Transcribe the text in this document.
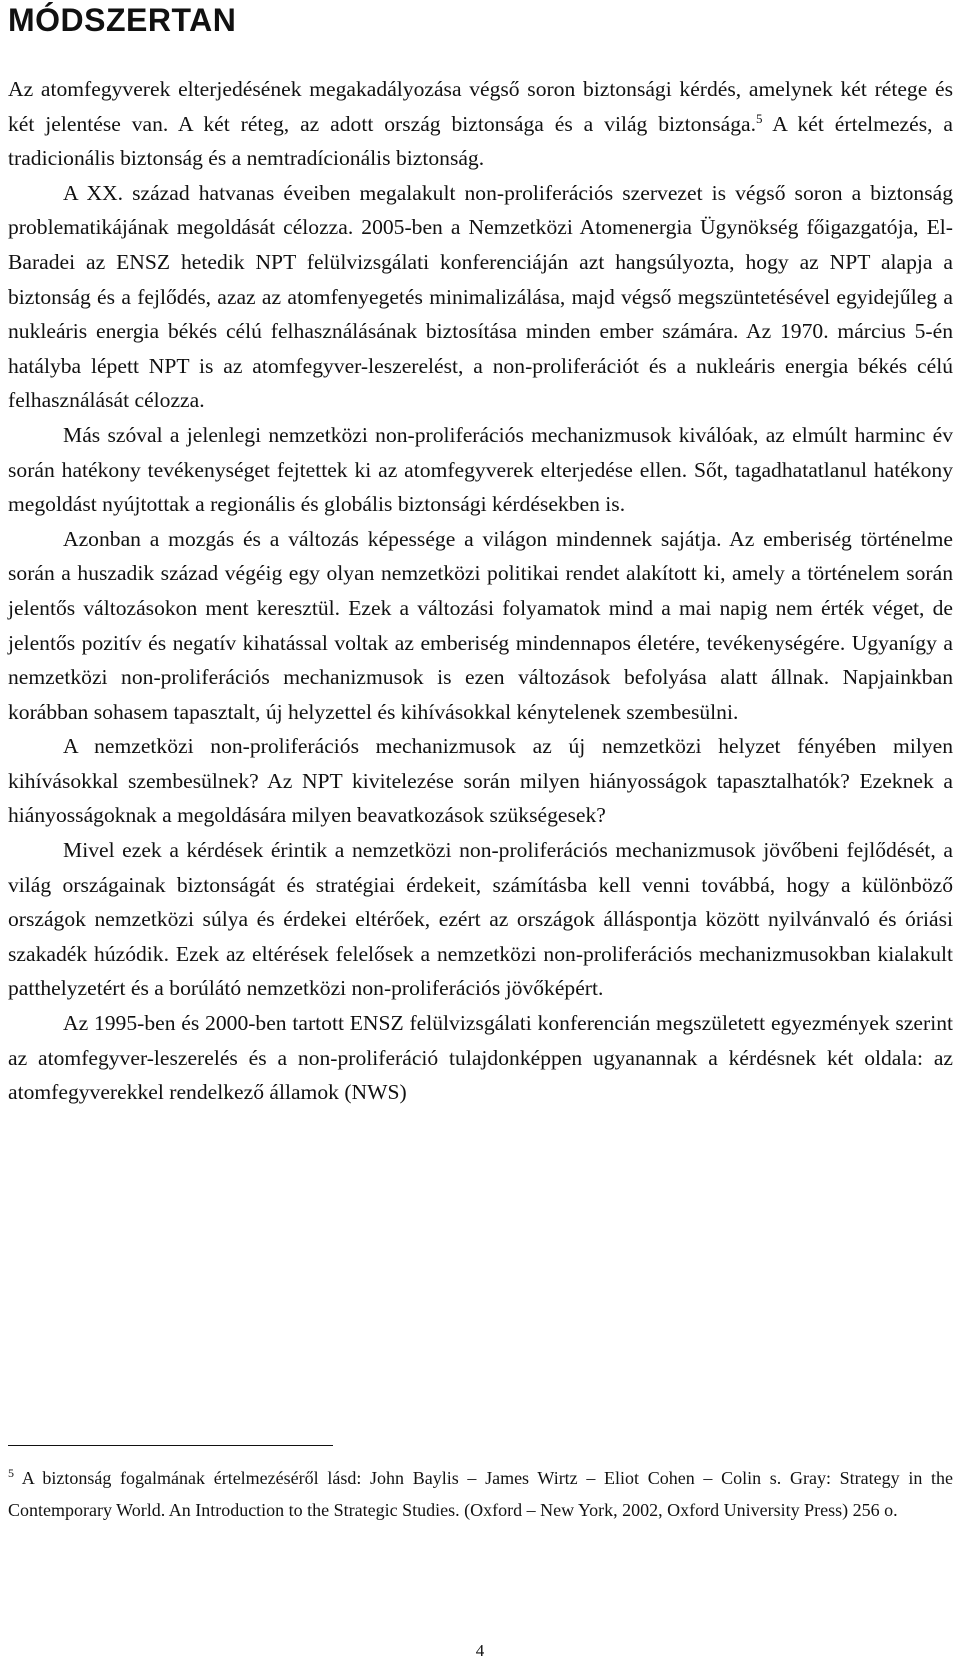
MÓDSZERTAN

Az atomfegyverek elterjedésének megakadályozása végső soron biztonsági kérdés, amelynek két rétege és két jelentése van. A két réteg, az adott ország biztonsága és a világ biztonsága.$^5$ A két értelmezés, a tradicionális biztonság és a nemtradícionális biztonság.

A XX. század hatvanas éveiben megalakult non-proliferációs szervezet is végső soron a biztonság problematikájának megoldását célozza. 2005-ben a Nemzetközi Atomenergia Ügynökség főigazgatója, El-Baradei az ENSZ hetedik NPT felülvizsgálati konferenciáján azt hangsúlyozta, hogy az NPT alapja a biztonság és a fejlődés, azaz az atomfenyegetés minimalizálása, majd végső megszüntetésével egyidejűleg a nukleáris energia békés célú felhasználásának biztosítása minden ember számára. Az 1970. március 5-én hatályba lépett NPT is az atomfegyver-leszerelést, a non-proliferációt és a nukleáris energia békés célú felhasználását célozza.

Más szóval a jelenlegi nemzetközi non-proliferációs mechanizmusok kiválóak, az elmúlt harminc év során hatékony tevékenységet fejtettek ki az atomfegyverek elterjedése ellen. Sőt, tagadhatatlanul hatékony megoldást nyújtottak a regionális és globális biztonsági kérdésekben is.

Azonban a mozgás és a változás képessége a világon mindennek sajátja. Az emberiség történelme során a huszadik század végéig egy olyan nemzetközi politikai rendet alakított ki, amely a történelem során jelentős változásokon ment keresztül. Ezek a változási folyamatok mind a mai napig nem érték véget, de jelentős pozitív és negatív kihatással voltak az emberiség mindennapos életére, tevékenységére. Ugyanígy a nemzetközi non-proliferációs mechanizmusok is ezen változások befolyása alatt állnak. Napjainkban korábban sohasem tapasztalt, új helyzettel és kihívásokkal kénytelenek szembesülni.

A nemzetközi non-proliferációs mechanizmusok az új nemzetközi helyzet fényében milyen kihívásokkal szembesülnek? Az NPT kivitelezése során milyen hiányosságok tapasztalhatók? Ezeknek a hiányosságoknak a megoldására milyen beavatkozások szükségesek?

Mivel ezek a kérdések érintik a nemzetközi non-proliferációs mechanizmusok jövőbeni fejlődését, a világ országainak biztonságát és stratégiai érdekeit, számításba kell venni továbbá, hogy a különböző országok nemzetközi súlya és érdekei eltérőek, ezért az országok álláspontja között nyilvánvaló és óriási szakadék húzódik. Ezek az eltérések felelősek a nemzetközi non-proliferációs mechanizmusokban kialakult patthelyzetért és a borúlátó nemzetközi non-proliferációs jövőképért.

Az 1995-ben és 2000-ben tartott ENSZ felülvizsgálati konferencián megszületett egyezmények szerint az atomfegyver-leszerelés és a non-proliferáció tulajdonképpen ugyanannak a kérdésnek két oldala: az atomfegyverekkel rendelkező államok (NWS)

$^5$ A biztonság fogalmának értelmezéséről lásd: John Baylis – James Wirtz – Eliot Cohen – Colin s. Gray: Strategy in the Contemporary World. An Introduction to the Strategic Studies. (Oxford – New York, 2002, Oxford University Press) 256 o.

4
